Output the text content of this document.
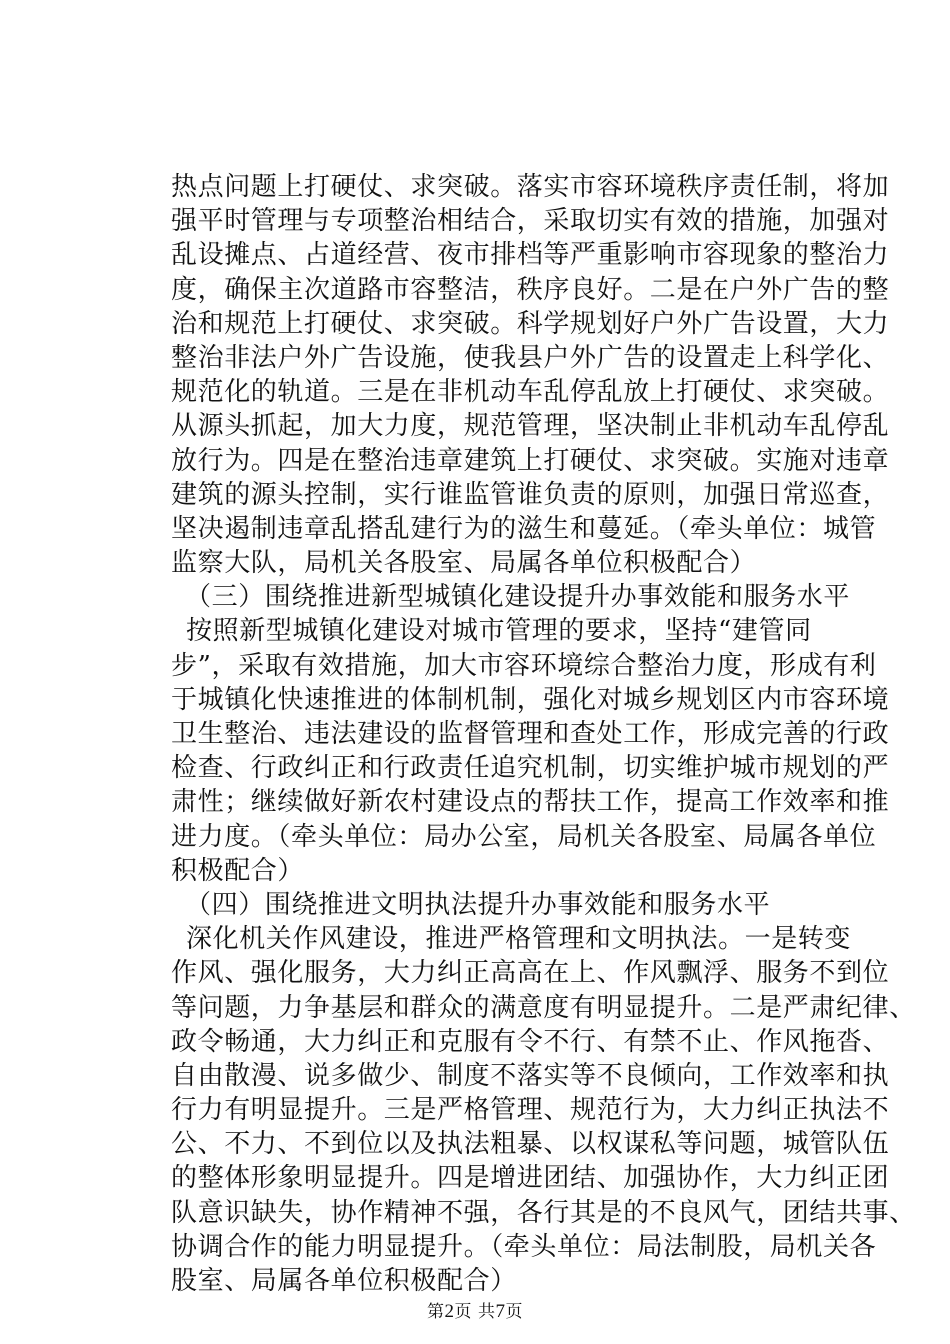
热点问题上打硬仗、求突破。落实市容环境秩序责任制，将加
强平时管理与专项整治相结合，采取切实有效的措施，加强对
乱设摊点、占道经营、夜市排档等严重影响市容现象的整治力
度，确保主次道路市容整洁，秩序良好。二是在户外广告的整
治和规范上打硬仗、求突破。科学规划好户外广告设置，大力
整治非法户外广告设施，使我县户外广告的设置走上科学化、
规范化的轨道。三是在非机动车乱停乱放上打硬仗、求突破。
从源头抓起，加大力度，规范管理，坚决制止非机动车乱停乱
放行为。四是在整治违章建筑上打硬仗、求突破。实施对违章
建筑的源头控制，实行谁监管谁负责的原则，加强日常巡查，
坚决遏制违章乱搭乱建行为的滋生和蔓延。（牵头单位：城管
监察大队，局机关各股室、局属各单位积极配合）
（三）围绕推进新型城镇化建设提升办事效能和服务水平
按照新型城镇化建设对城市管理的要求，坚持“建管同
步”，采取有效措施，加大市容环境综合整治力度，形成有利
于城镇化快速推进的体制机制，强化对城乡规划区内市容环境
卫生整治、违法建设的监督管理和查处工作，形成完善的行政
检查、行政纠正和行政责任追究机制，切实维护城市规划的严
肃性；继续做好新农村建设点的帮扶工作，提高工作效率和推
进力度。（牵头单位：局办公室，局机关各股室、局属各单位
积极配合）
（四）围绕推进文明执法提升办事效能和服务水平
深化机关作风建设，推进严格管理和文明执法。一是转变
作风、强化服务，大力纠正高高在上、作风飘浮、服务不到位
等问题，力争基层和群众的满意度有明显提升。二是严肃纪律、
政令畅通，大力纠正和克服有令不行、有禁不止、作风拖沓、
自由散漫、说多做少、制度不落实等不良倾向，工作效率和执
行力有明显提升。三是严格管理、规范行为，大力纠正执法不
公、不力、不到位以及执法粗暴、以权谋私等问题，城管队伍
的整体形象明显提升。四是增进团结、加强协作，大力纠正团
队意识缺失，协作精神不强，各行其是的不良风气，团结共事、
协调合作的能力明显提升。（牵头单位：局法制股，局机关各
股室、局属各单位积极配合）
第2页 共7页
